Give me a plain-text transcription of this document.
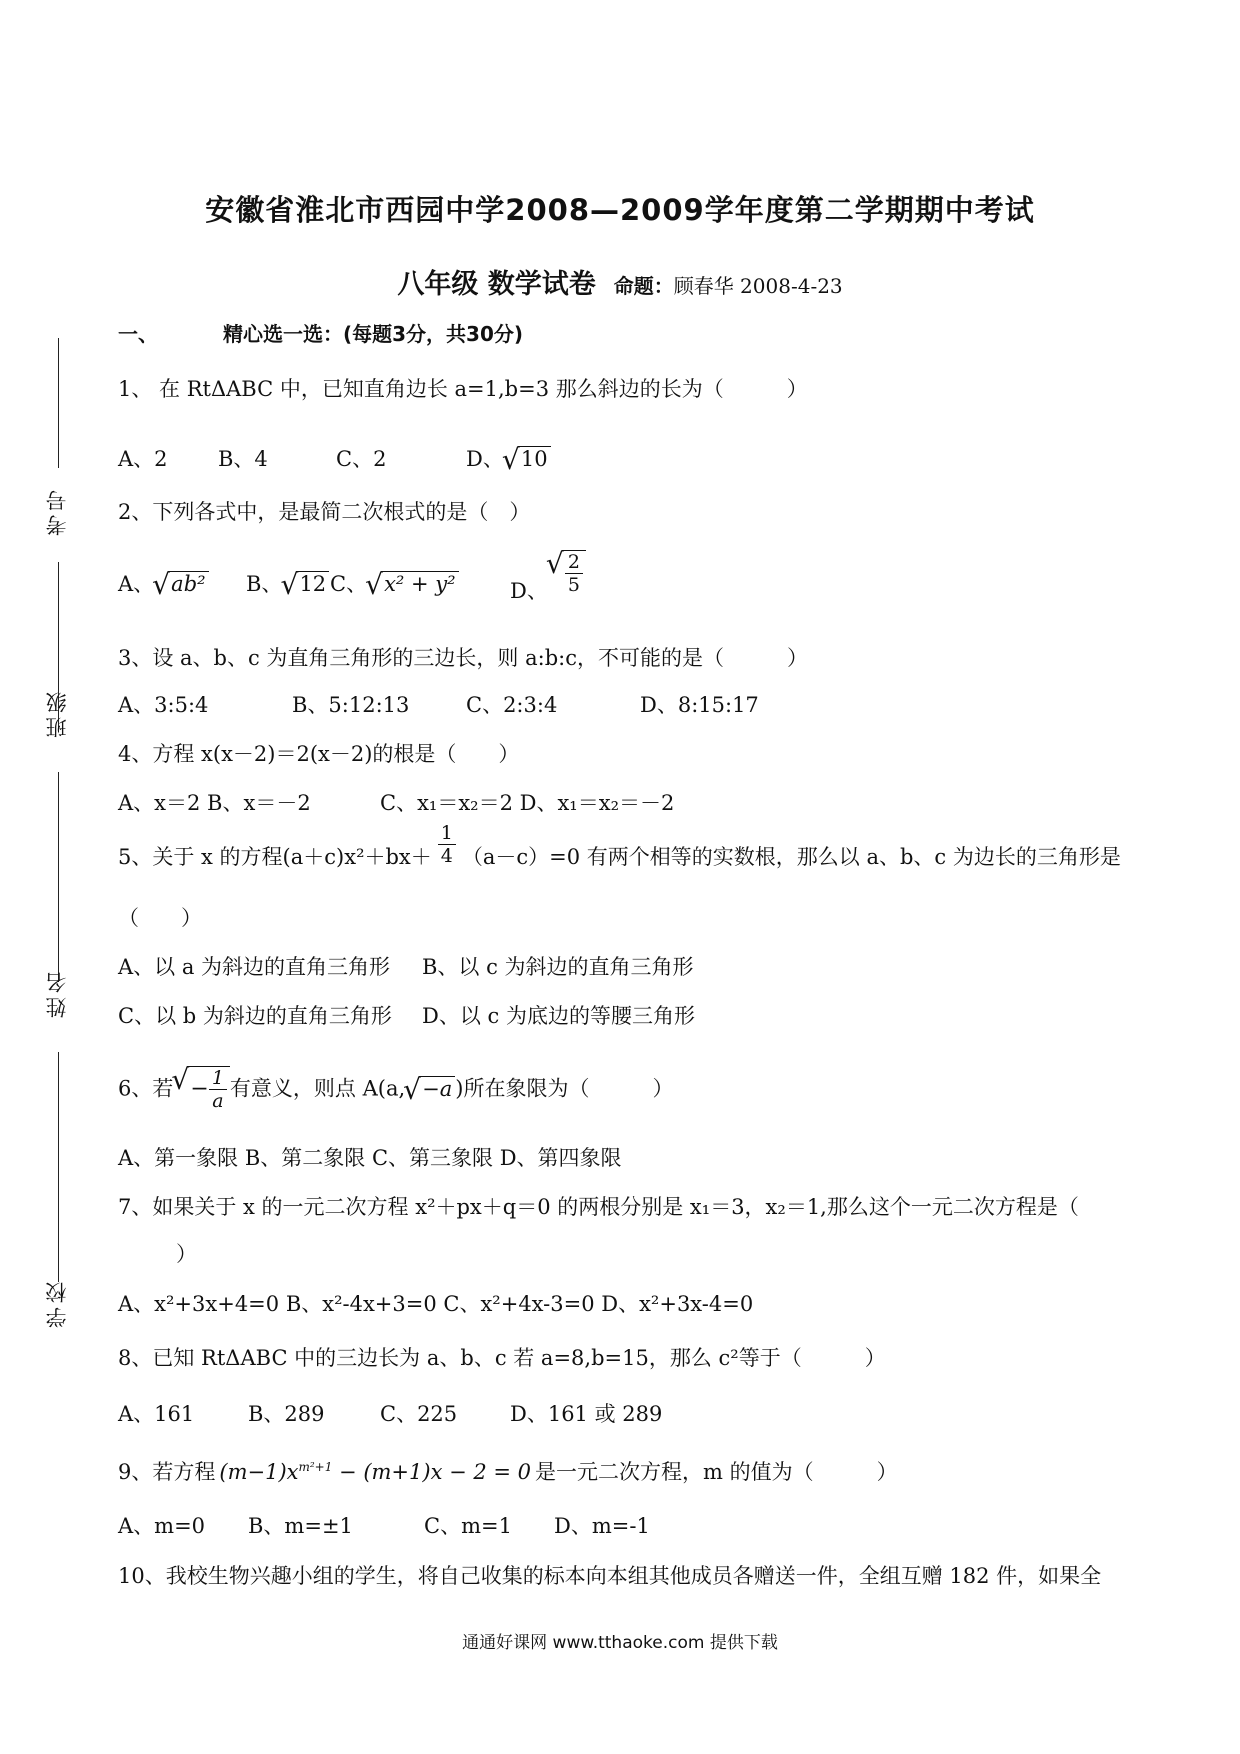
考号
班级
姓名
学校
安徽省淮北市西园中学2008—2009学年度第二学期期中考试
八年级 数学试卷 命题：顾春华 2008-4-23
一、	精心选一选：(每题3分，共30分)
1、 在 RtΔABC 中，已知直角边长 a=1,b=3 那么斜边的长为（　　　）
A、2 B、4	C、2	D、 √ 10
2、下列各式中，是最简二次根式的是（　）
A、 √ ab² B、 √ 12 C、 √ x² + y²	D、 √ $\frac{2}{5}$
3、设 a、b、c 为直角三角形的三边长，则 a:b:c，不可能的是（　　　）
A、3:5:4	B、5:12:13	C、2:3:4	D、8:15:17
4、方程 x(x－2)＝2(x－2)的根是（　　）
A、x＝2 B、x＝－2	C、x₁＝x₂＝2 D、x₁＝x₂＝－2
5、关于 x 的方程$(a+c)x^2+bx+ \frac{1}{4} (a-c)=0$ 有两个相等的实数根，那么以 a、b、c 为边长的三角形是
（　　）
A、以 a 为斜边的直角三角形 B、以 c 为斜边的直角三角形
C、以 b 为斜边的直角三角形 D、以 c 为底边的等腰三角形
6、若 √ − $\frac{1}{a}$ 有意义，则点 A(a, √ −a )所在象限为（　　　）
A、第一象限 B、第二象限 C、第三象限 D、第四象限
7、如果关于 x 的一元二次方程 x²＋px＋q＝0 的两根分别是 x₁＝3，x₂＝1,那么这个一元二次方程是（
）
A、x²+3x+4=0 B、x²-4x+3=0 C、x²+4x-3=0 D、x²+3x-4=0
8、已知 RtΔABC 中的三边长为 a、b、c 若 a=8,b=15，那么 c²等于（　　　）
A、161	B、289	C、225	D、161 或 289
9、若方程 $(m-1)x^{m^2+1} - (m+1)x - 2 = 0$ 是一元二次方程，m 的值为（　　　）
A、m=0 B、m=±1	C、m=1 D、m=-1
10、我校生物兴趣小组的学生，将自己收集的标本向本组其他成员各赠送一件，全组互赠 182 件，如果全
通通好课网 www.tthaoke.com 提供下载
